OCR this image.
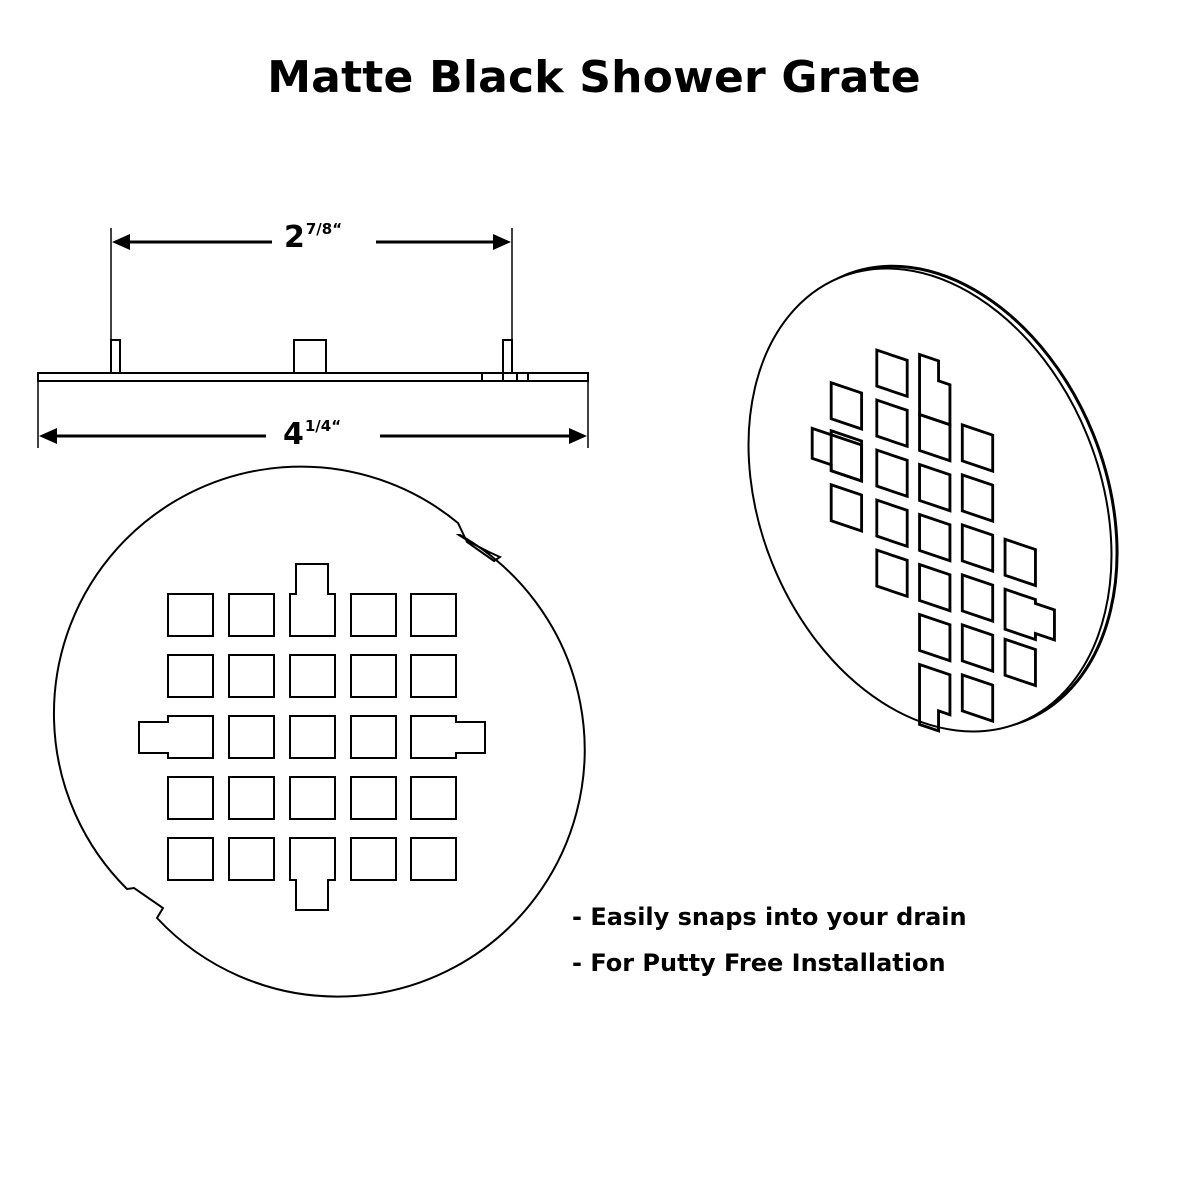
Matte Black Shower Grate
$2^{7/8“}$
$4^{1/4“}$
- Easily snaps into your drain
- For Putty Free Installation
